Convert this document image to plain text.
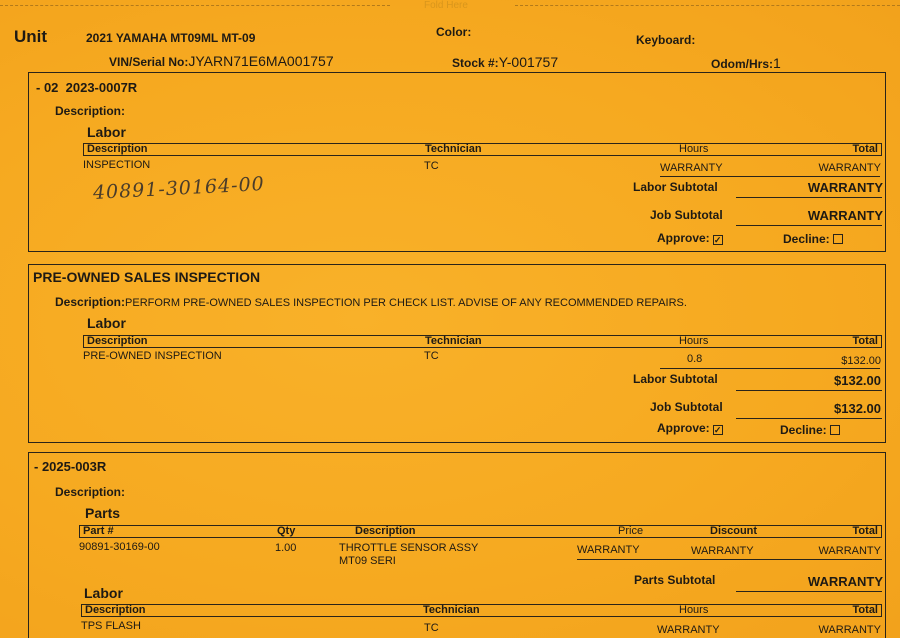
Fold Here
Unit	2021 YAMAHA MT09ML MT-09	Color:
Keyboard:
VIN/Serial No:JYARN71E6MA001757	Stock #:Y-001757	Odom/Hrs:1
- 02 2023-0007R
Description:
Labor
Description	Technician	Hours	Total
INSPECTION	TC	WARRANTY	WARRANTY
40891-30164-00	Labor Subtotal	WARRANTY
Job Subtotal	WARRANTY
Approve: ✓	Decline:
PRE-OWNED SALES INSPECTION
Description:PERFORM PRE-OWNED SALES INSPECTION PER CHECK LIST. ADVISE OF ANY RECOMMENDED REPAIRS.
Labor
Description	Technician	Hours	Total
PRE-OWNED INSPECTION	TC	0.8	$132.00
Labor Subtotal	$132.00
Job Subtotal	$132.00
Approve: ✓	Decline:
- 2025-003R
Description:
Parts
Part #	Qty	Description	Price	Discount	Total
90891-30169-00	1.00	THROTTLE SENSOR ASSY
MT09 SERI
WARRANTY	WARRANTY	WARRANTY
Parts Subtotal	WARRANTY
Labor
Description	Technician	Hours	Total
TPS FLASH	TC	WARRANTY	WARRANTY
